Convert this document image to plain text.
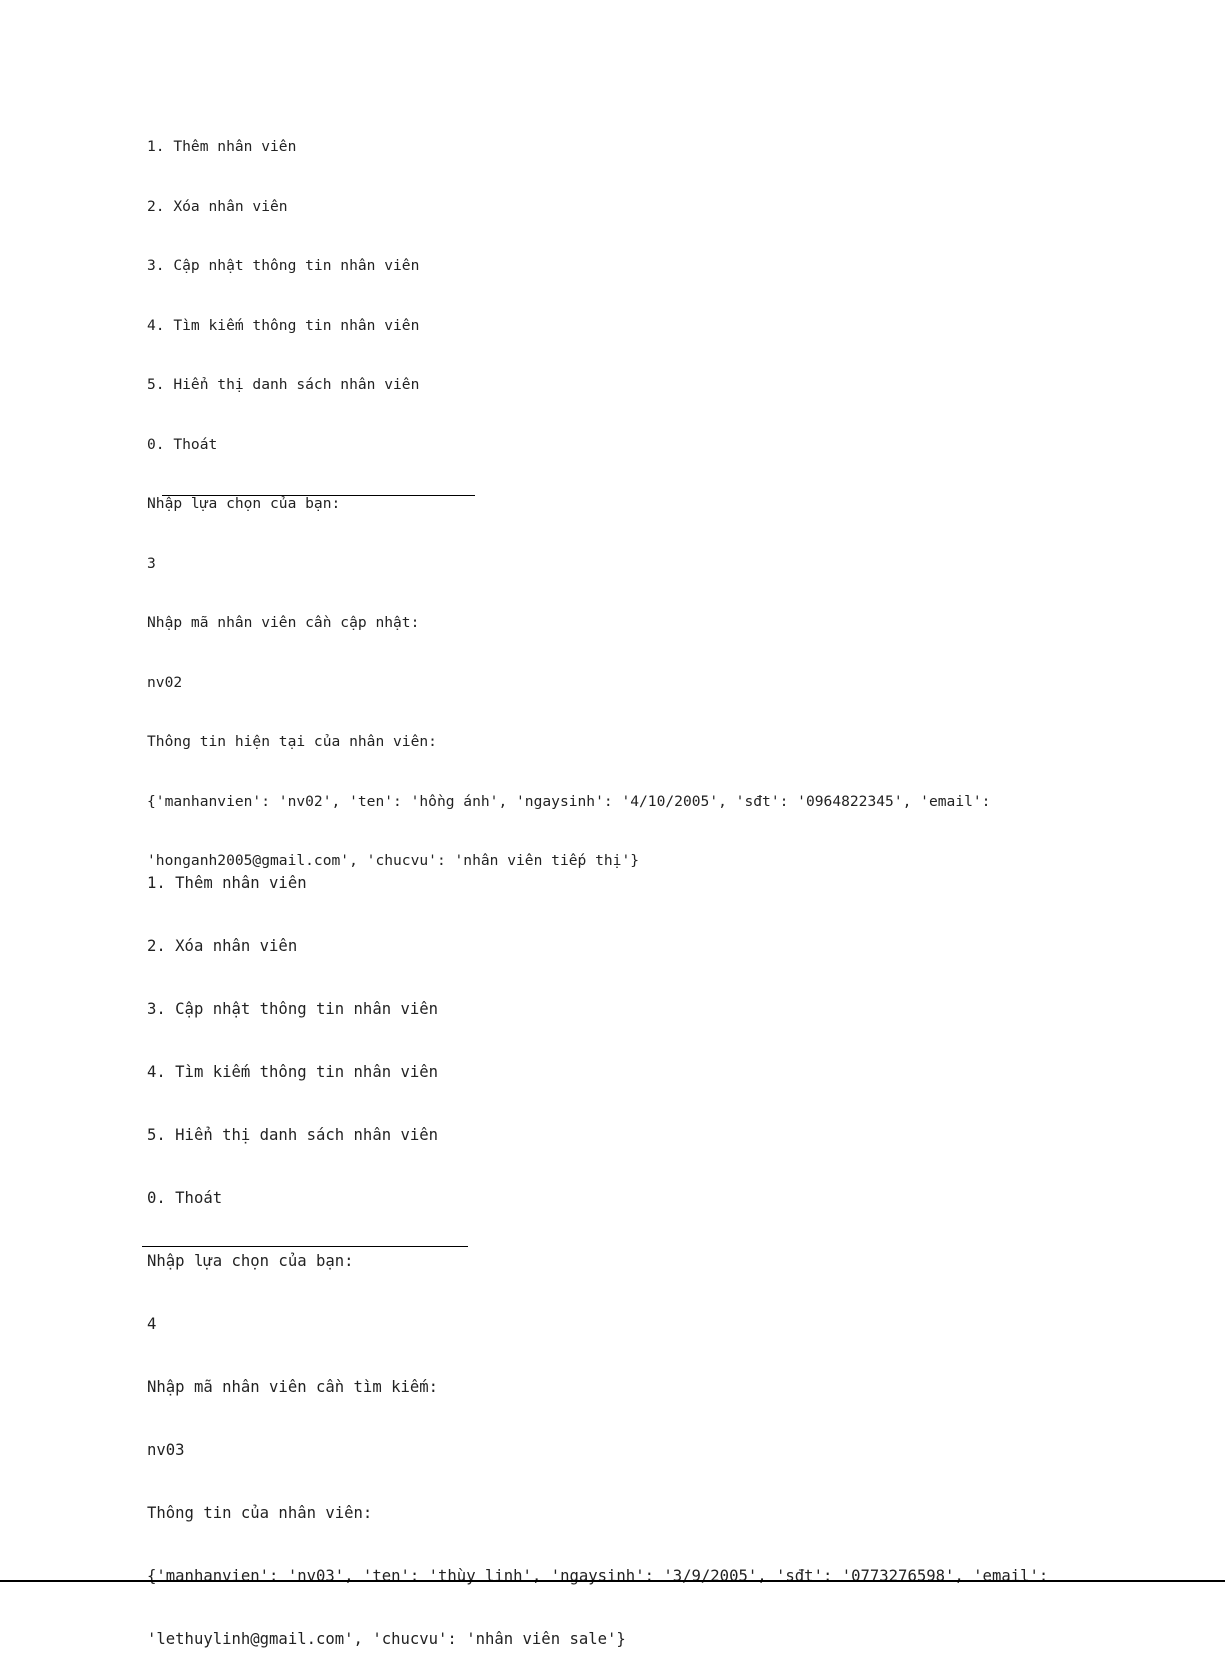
1. Thêm nhân viên

2. Xóa nhân viên

3. Cập nhật thông tin nhân viên

4. Tìm kiếm thông tin nhân viên

5. Hiển thị danh sách nhân viên

0. Thoát

Nhập lựa chọn của bạn:

3

Nhập mã nhân viên cần cập nhật:

nv02

Thông tin hiện tại của nhân viên:

{'manhanvien': 'nv02', 'ten': 'hồng ánh', 'ngaysinh': '4/10/2005', 'sđt': '0964822345', 'email':

'honganh2005@gmail.com', 'chucvu': 'nhân viên tiếp thị'}

1. Thêm nhân viên

2. Xóa nhân viên

3. Cập nhật thông tin nhân viên

4. Tìm kiếm thông tin nhân viên

5. Hiển thị danh sách nhân viên

0. Thoát

Nhập lựa chọn của bạn:

4

Nhập mã nhân viên cần tìm kiếm:

nv03

Thông tin của nhân viên:

{'manhanvien': 'nv03', 'ten': 'thùy linh', 'ngaysinh': '3/9/2005', 'sđt': '0773276598', 'email':

'lethuylinh@gmail.com', 'chucvu': 'nhân viên sale'}
